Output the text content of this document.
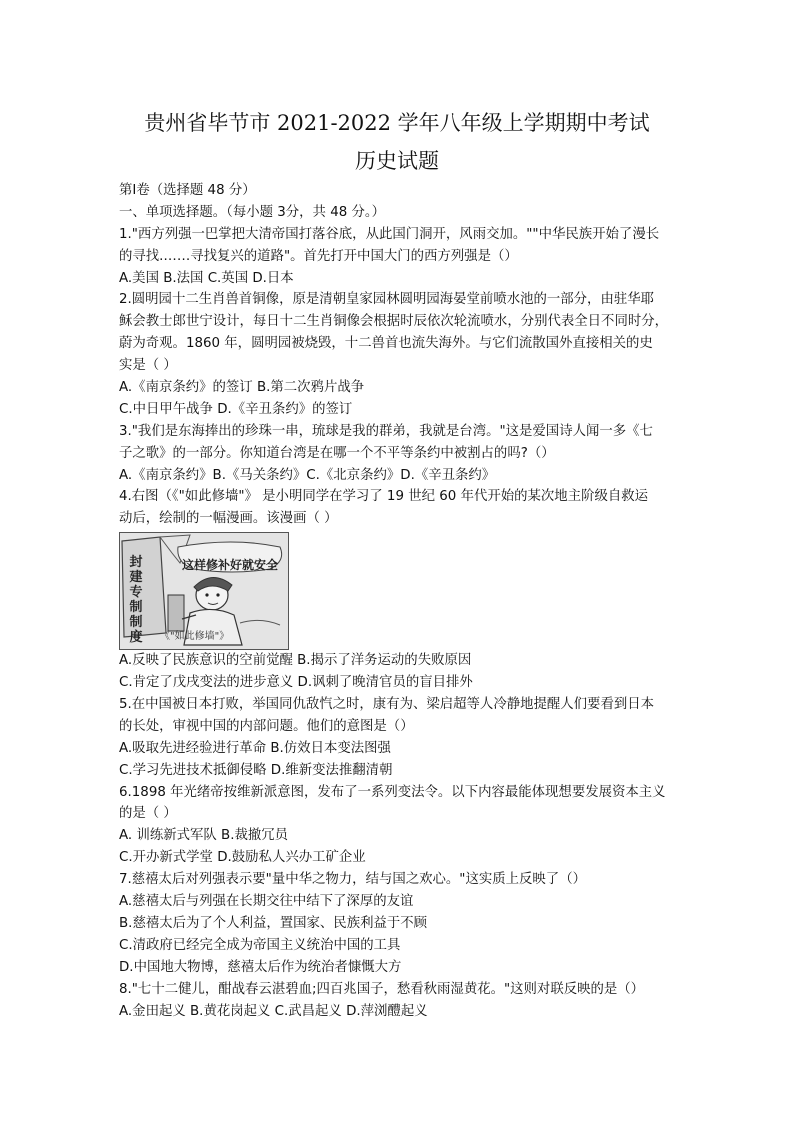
贵州省毕节市 2021-2022 学年八年级上学期期中考试
历史试题
第Ⅰ卷（选择题 48 分）
一、单项选择题。（每小题 3分，共 48 分。）
1."西方列强一巴掌把大清帝国打落谷底，从此国门洞开，风雨交加。""中华民族开始了漫长
的寻找.……寻找复兴的道路"。首先打开中国大门的西方列强是（）
A.美国 B.法国 C.英国 D.日本
2.圆明园十二生肖兽首铜像，原是清朝皇家园林圆明园海晏堂前喷水池的一部分，由驻华耶
稣会教士郎世宁设计，每日十二生肖铜像会根据时辰依次轮流喷水，分别代表全日不同时分，
蔚为奇观。1860 年，圆明园被烧毁，十二兽首也流失海外。与它们流散国外直接相关的史
实是（ ）
A.《南京条约》的签订 B.第二次鸦片战争
C.中日甲午战争 D.《辛丑条约》的签订
3."我们是东海捧出的珍珠一串，琉球是我的群弟，我就是台湾。"这是爱国诗人闻一多《七
子之歌》的一部分。你知道台湾是在哪一个不平等条约中被割占的吗?（）
A.《南京条约》B.《马关条约》C.《北京条约》D.《辛丑条约》
4.右图（《"如此修墙"》 是小明同学在学习了 19 世纪 60 年代开始的某次地主阶级自救运
动后，绘制的一幅漫画。该漫画（ ）
封建专制制度
这样修补好就安全
《"如此修墙"》
A.反映了民族意识的空前觉醒 B.揭示了洋务运动的失败原因
C.肯定了戊戌变法的进步意义 D.讽刺了晚清官员的盲目排外
5.在中国被日本打败，举国同仇敌忾之时，康有为、梁启超等人冷静地提醒人们要看到日本
的长处，审视中国的内部问题。他们的意图是（）
A.吸取先进经验进行革命 B.仿效日本变法图强
C.学习先进技术抵御侵略 D.维新变法推翻清朝
6.1898 年光绪帝按维新派意图，发布了一系列变法令。以下内容最能体现想要发展资本主义
的是（ ）
A. 训练新式军队 B.裁撤冗员
C.开办新式学堂 D.鼓励私人兴办工矿企业
7.慈禧太后对列强表示要"量中华之物力，结与国之欢心。"这实质上反映了（）
A.慈禧太后与列强在长期交往中结下了深厚的友谊
B.慈禧太后为了个人利益，置国家、民族利益于不顾
C.清政府已经完全成为帝国主义统治中国的工具
D.中国地大物博，慈禧太后作为统治者慷慨大方
8."七十二健儿，酣战春云湛碧血;四百兆国子，愁看秋雨湿黄花。"这则对联反映的是（）
A.金田起义 B.黄花岗起义 C.武昌起义 D.萍浏醴起义
